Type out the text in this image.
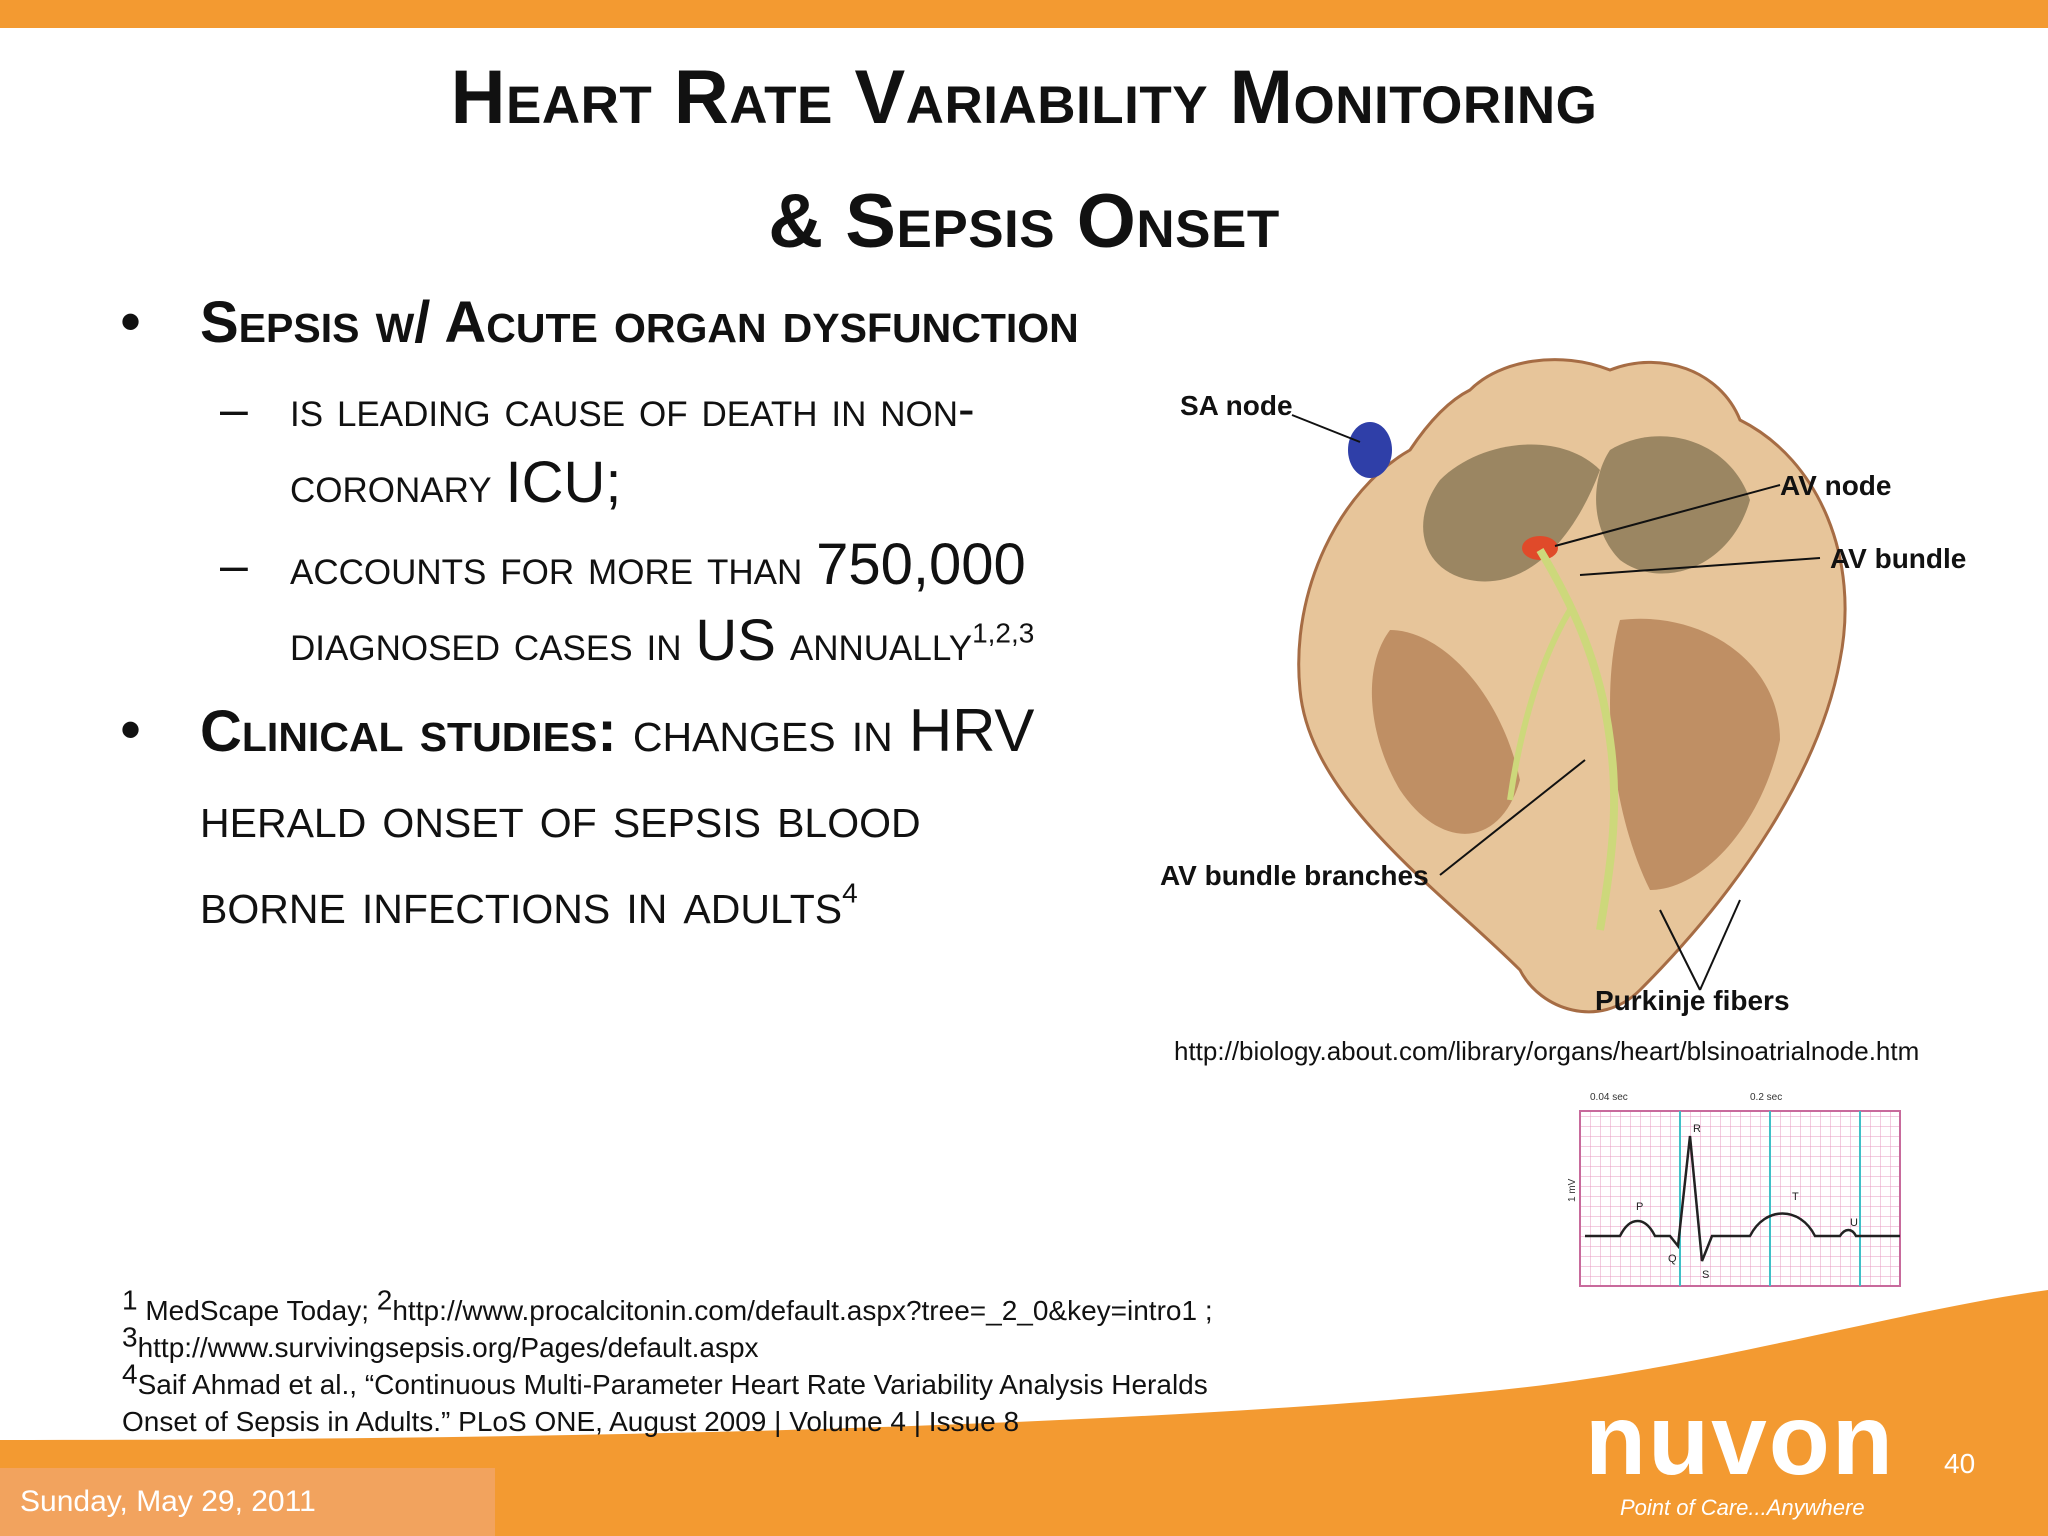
Heart Rate Variability Monitoring
& Sepsis Onset
• Sepsis w/ Acute organ dysfunction
– is leading cause of death in non-coronary ICU;
– accounts for more than 750,000 diagnosed cases in US annually$^{1,2,3}$
• Clinical studies: changes in HRV herald onset of sepsis blood borne infections in adults$^4$
SA node
AV node
AV bundle
AV bundle branches
Purkinje fibers
http://biology.about.com/library/organs/heart/blsinoatrialnode.htm
0.04 sec	0.2 sec
1 mV
P
Q
R
S
T
U
$^1$ MedScape Today; $^2$http://www.procalcitonin.com/default.aspx?tree=_2_0&key=intro1 ;
$^3$http://www.survivingsepsis.org/Pages/default.aspx
$^4$Saif Ahmad et al., “Continuous Multi-Parameter Heart Rate Variability Analysis Heralds
Onset of Sepsis in Adults.” PLoS ONE, August 2009 | Volume 4 | Issue 8
Sunday, May 29, 2011
nuvon
Point of Care...Anywhere
40
